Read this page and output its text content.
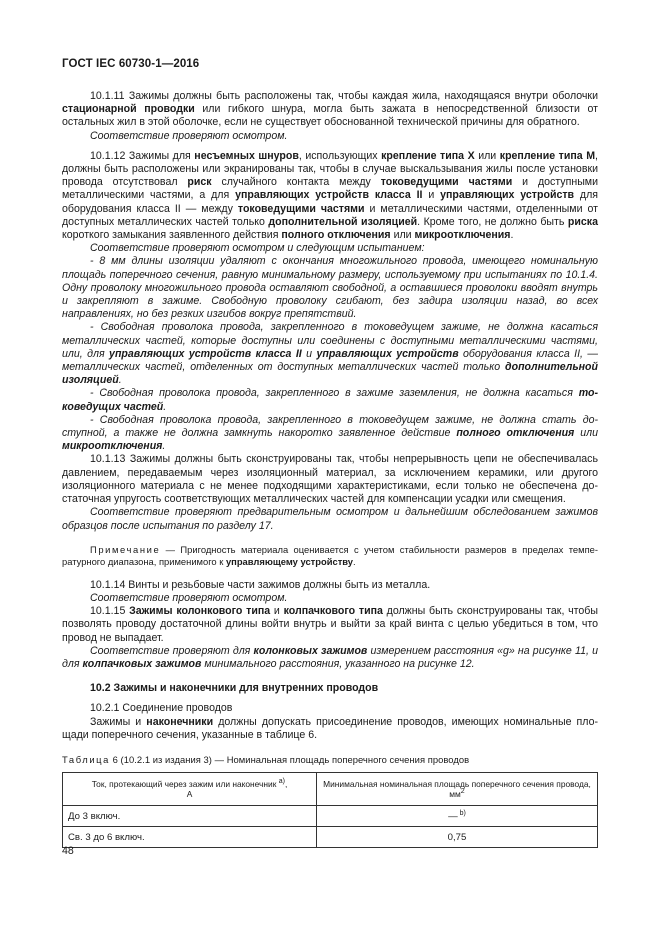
ГОСТ IEC 60730-1—2016

10.1.11 Зажимы должны быть расположены так, чтобы каждая жила, находящаяся внутри оболочки стационарной проводки или гибкого шнура, могла быть зажата в непосредственной близости от остальных жил в этой оболочке, если не существует обоснованной технической причины для обратного.

Соответствие проверяют осмотром.

10.1.12 Зажимы для несъемных шнуров, использующих крепление типа X или крепление типа M, должны быть расположены или экранированы так, чтобы в случае выскальзывания жилы после установки провода отсутствовал риск случайного контакта между токоведущими частями и доступными металлическими частями, а для управляющих устройств класса II и управляющих устройств для оборудования класса II — между токоведущими частями и металлическими частями, отделенными от доступных металлических частей только дополнительной изоляцией. Кроме того, не должно быть риска короткого замыкания заявленного действия полного отключения или микроотключения.

Соответствие проверяют осмотром и следующим испытанием:

- 8 мм длины изоляции удаляют с окончания многожильного провода, имеющего номинальную площадь поперечного сечения, равную минимальному размеру, используемому при испытаниях по 10.1.4. Одну проволоку многожильного провода оставляют свободной, а оставшиеся проволоки вводят внутрь и закрепляют в зажиме. Свободную проволоку сгибают, без задира изоляции назад, во всех направлениях, но без резких изгибов вокруг препятствий.

- Свободная проволока провода, закрепленного в токоведущем зажиме, не должна касаться металлических частей, которые доступны или соединены с доступными металлическими частями, или, для управляющих устройств класса II и управляющих устройств оборудования класса II, — металлических частей, отделенных от доступных металлических частей только дополнительной изоляцией.

- Свободная проволока провода, закрепленного в зажиме заземления, не должна касаться токоведущих частей.

- Свободная проволока провода, закрепленного в токоведущем зажиме, не должна стать доступной, а также не должна замкнуть накоротко заявленное действие полного отключения или микроотключения.

10.1.13 Зажимы должны быть сконструированы так, чтобы непрерывность цепи не обеспечивалась давлением, передаваемым через изоляционный материал, за исключением керамики, или другого изоляционного материала с не менее подходящими характеристиками, если только не обеспечена достаточная упругость соответствующих металлических частей для компенсации усадки или смещения.

Соответствие проверяют предварительным осмотром и дальнейшим обследованием зажимов образцов после испытания по разделу 17.

Примечание — Пригодность материала оценивается с учетом стабильности размеров в пределах температурного диапазона, применимого к управляющему устройству.

10.1.14 Винты и резьбовые части зажимов должны быть из металла.

Соответствие проверяют осмотром.

10.1.15 Зажимы колонкового типа и колпачкового типа должны быть сконструированы так, чтобы позволять проводу достаточной длины войти внутрь и выйти за край винта с целью убедиться в том, что провод не выпадает.

Соответствие проверяют для колонковых зажимов измерением расстояния «g» на рисунке 11, и для колпачковых зажимов минимального расстояния, указанного на рисунке 12.

10.2 Зажимы и наконечники для внутренних проводов

10.2.1 Соединение проводов

Зажимы и наконечники должны допускать присоединение проводов, имеющих номинальные площади поперечного сечения, указанные в таблице 6.

Таблица 6 (10.2.1 из издания 3) — Номинальная площадь поперечного сечения проводов

Ток, протекающий через зажим или наконечник $^{a)}$,
А	Минимальная номинальная площадь поперечного сечения провода, $мм^2$
До 3 включ.	— $^{b)}$
Св. 3 до 6 включ.	0,75
48
